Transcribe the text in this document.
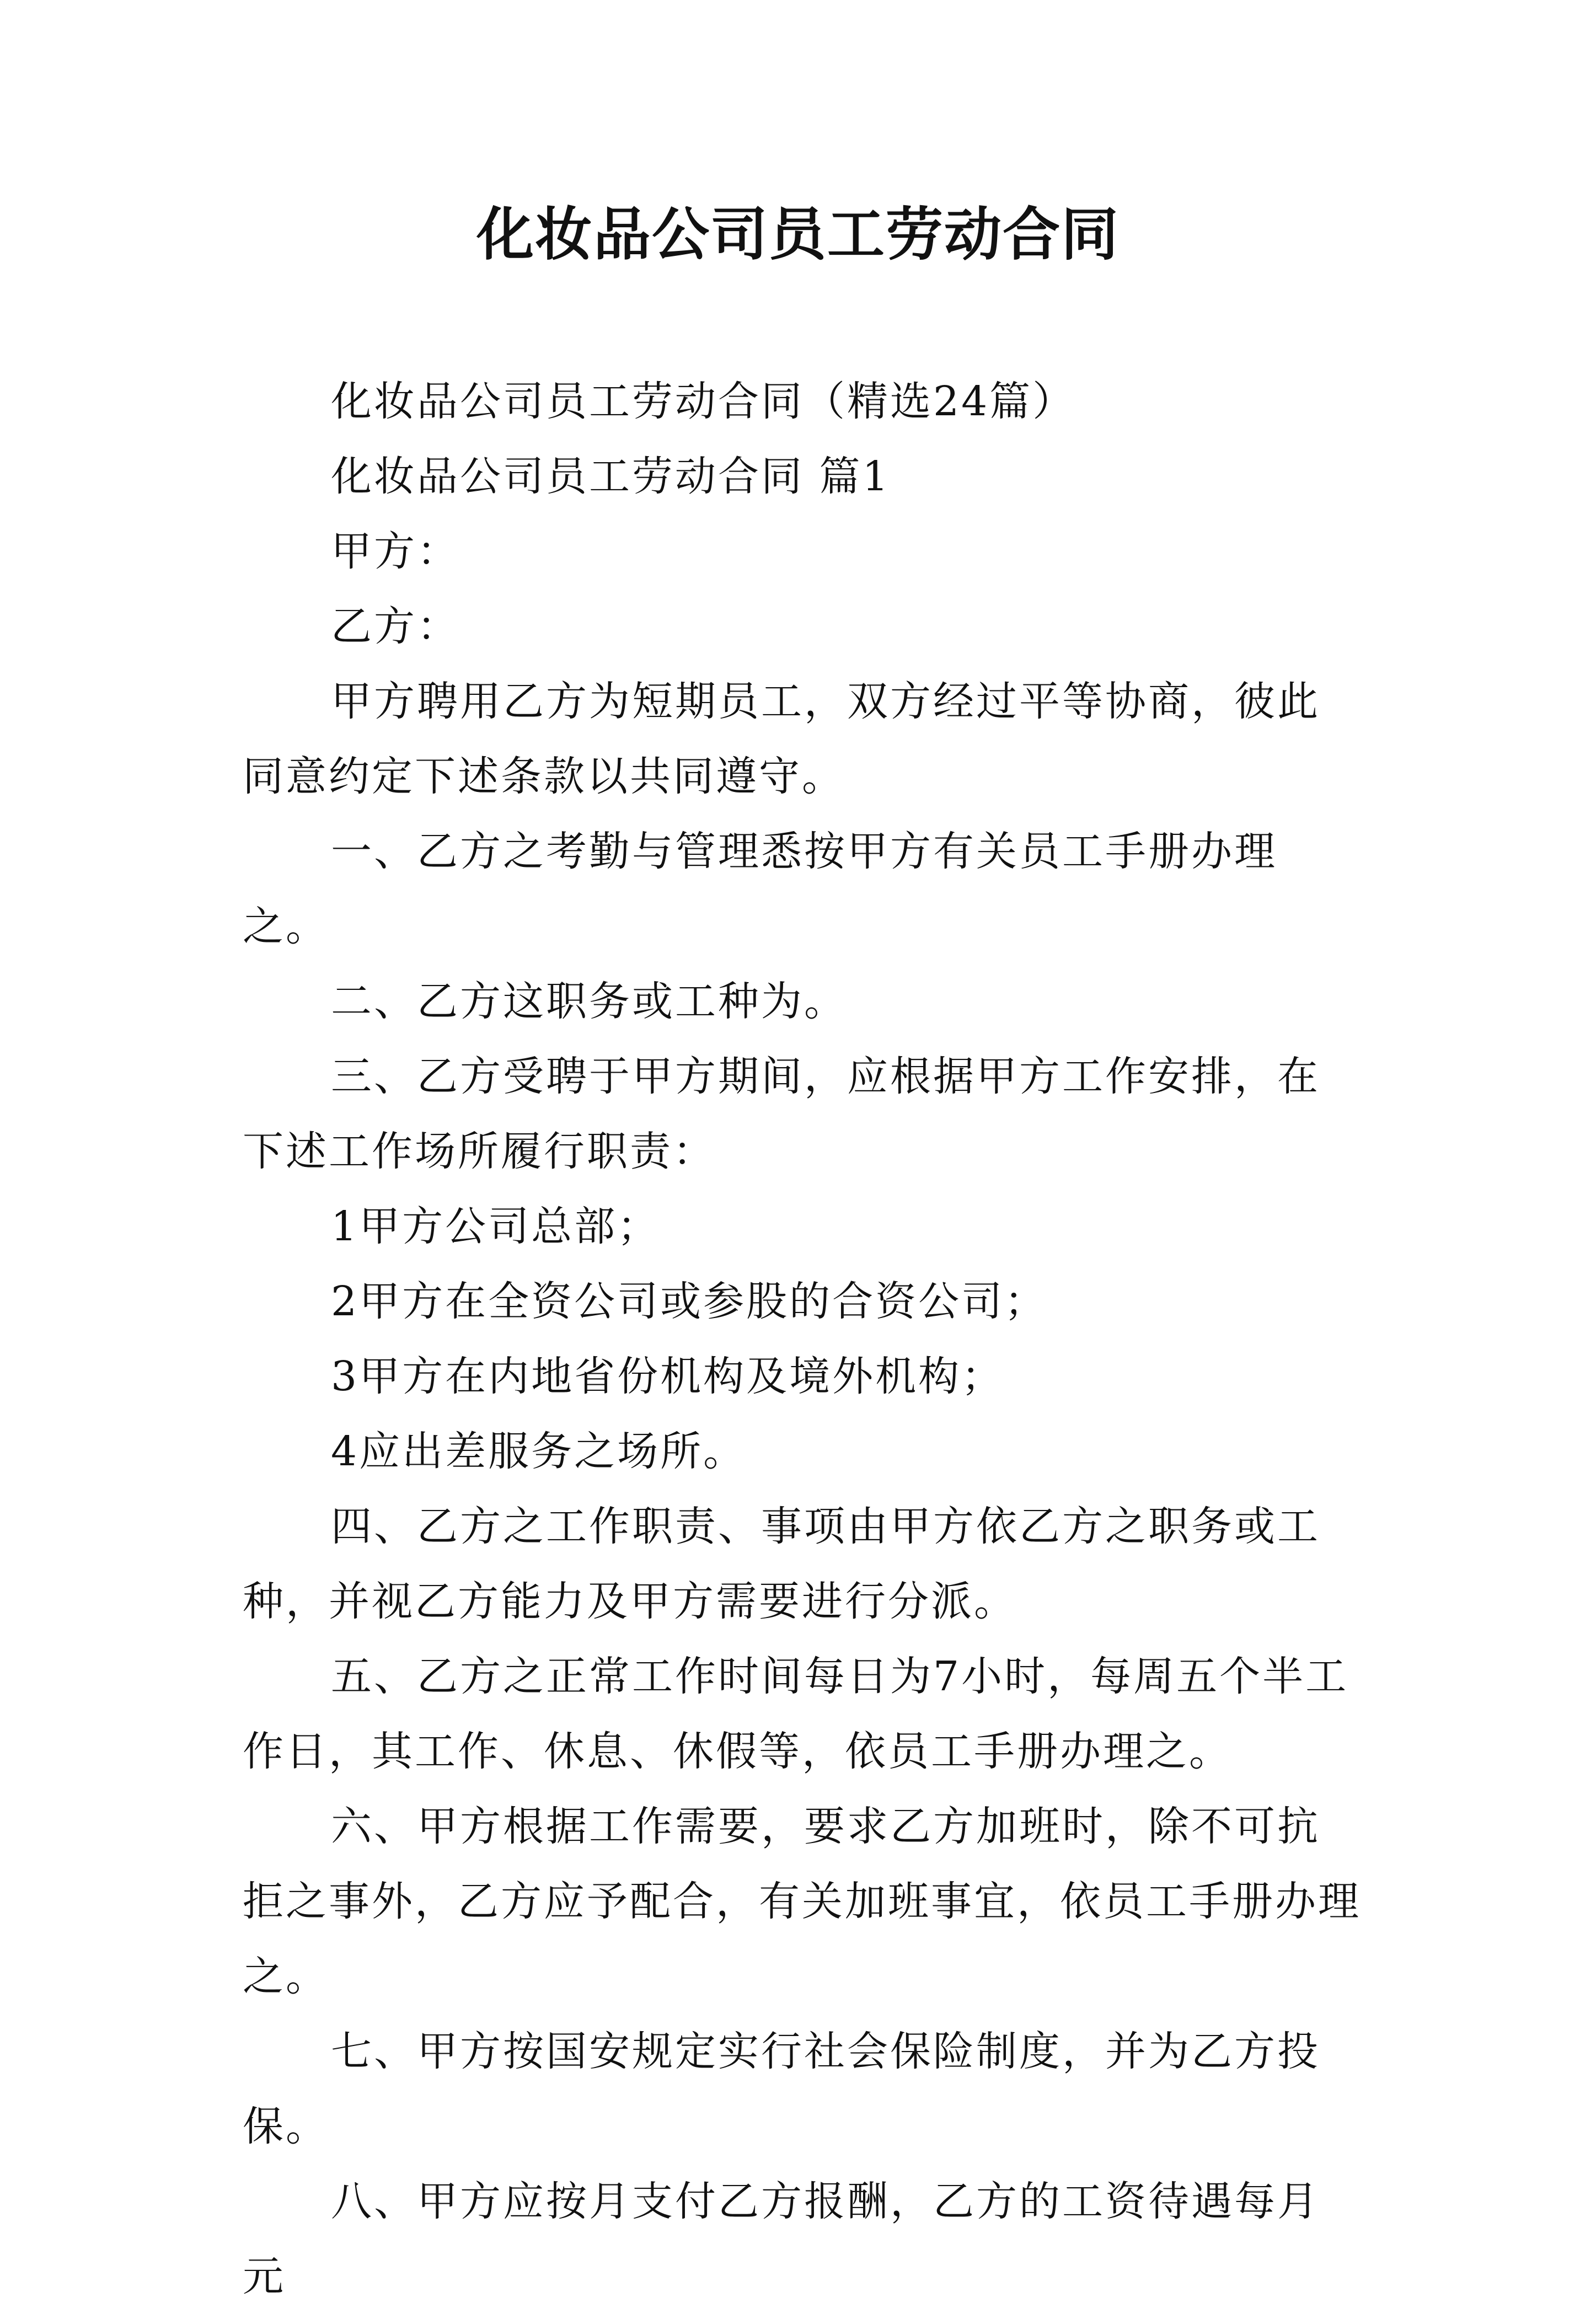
化妆品公司员工劳动合同

化妆品公司员工劳动合同（精选24篇）

化妆品公司员工劳动合同 篇1

甲方：

乙方：

甲方聘用乙方为短期员工，双方经过平等协商，彼此同意约定下述条款以共同遵守。

一、乙方之考勤与管理悉按甲方有关员工手册办理之。

二、乙方这职务或工种为。

三、乙方受聘于甲方期间，应根据甲方工作安排，在下述工作场所履行职责：

1甲方公司总部；

2甲方在全资公司或参股的合资公司；

3甲方在内地省份机构及境外机构；

4应出差服务之场所。

四、乙方之工作职责、事项由甲方依乙方之职务或工种，并视乙方能力及甲方需要进行分派。

五、乙方之正常工作时间每日为7小时，每周五个半工作日，其工作、休息、休假等，依员工手册办理之。

六、甲方根据工作需要，要求乙方加班时，除不可抗拒之事外，乙方应予配合，有关加班事宜，依员工手册办理之。

七、甲方按国安规定实行社会保险制度，并为乙方投保。

八、甲方应按月支付乙方报酬，乙方的工资待遇每月元
